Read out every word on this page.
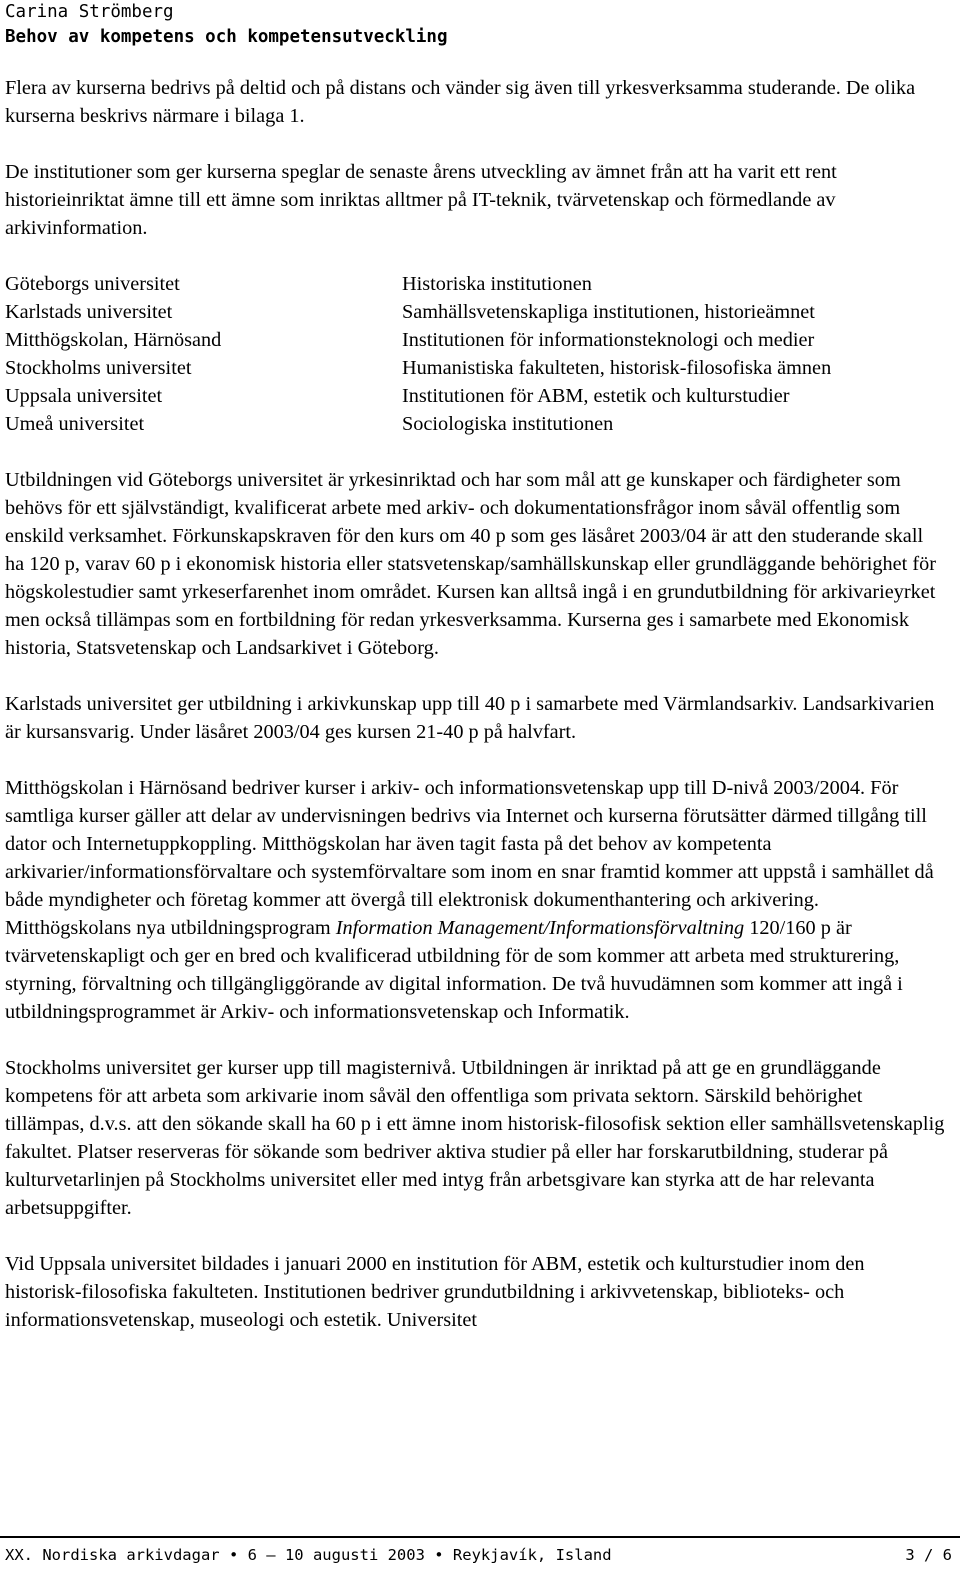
Carina Strömberg
Behov av kompetens och kompetensutveckling

Flera av kurserna bedrivs på deltid och på distans och vänder sig även till yrkesverksamma studerande. De olika kurserna beskrivs närmare i bilaga 1.

De institutioner som ger kurserna speglar de senaste årens utveckling av ämnet från att ha varit ett rent historieinriktat ämne till ett ämne som inriktas alltmer på IT-teknik, tvärvetenskap och förmedlande av arkivinformation.

Göteborgs universitet
Karlstads universitet
Mitthögskolan, Härnösand
Stockholms universitet
Uppsala universitet
Umeå universitet
Historiska institutionen
Samhällsvetenskapliga institutionen, historieämnet
Institutionen för informationsteknologi och medier
Humanistiska fakulteten, historisk-filosofiska ämnen
Institutionen för ABM, estetik och kulturstudier
Sociologiska institutionen

Utbildningen vid Göteborgs universitet är yrkesinriktad och har som mål att ge kunskaper och färdigheter som behövs för ett självständigt, kvalificerat arbete med arkiv- och dokumentationsfrågor inom såväl offentlig som enskild verksamhet. Förkunskapskraven för den kurs om 40 p som ges läsåret 2003/04 är att den studerande skall ha 120 p, varav 60 p i ekonomisk historia eller statsvetenskap/samhällskunskap eller grundläggande behörighet för högskolestudier samt yrkeserfarenhet inom området. Kursen kan alltså ingå i en grundutbildning för arkivarieyrket men också tillämpas som en fortbildning för redan yrkesverksamma. Kurserna ges i samarbete med Ekonomisk historia, Statsvetenskap och Landsarkivet i Göteborg.

Karlstads universitet ger utbildning i arkivkunskap upp till 40 p i samarbete med Värmlandsarkiv. Landsarkivarien är kursansvarig. Under läsåret 2003/04 ges kursen 21-40 p på halvfart.

Mitthögskolan i Härnösand bedriver kurser i arkiv- och informationsvetenskap upp till D-nivå 2003/2004. För samtliga kurser gäller att delar av undervisningen bedrivs via Internet och kurserna förutsätter därmed tillgång till dator och Internetuppkoppling. Mitthögskolan har även tagit fasta på det behov av kompetenta arkivarier/informationsförvaltare och systemförvaltare som inom en snar framtid kommer att uppstå i samhället då både myndigheter och företag kommer att övergå till elektronisk dokumenthantering och arkivering. Mitthögskolans nya utbildningsprogram Information Management/Informationsförvaltning 120/160 p är tvärvetenskapligt och ger en bred och kvalificerad utbildning för de som kommer att arbeta med strukturering, styrning, förvaltning och tillgängliggörande av digital information. De två huvudämnen som kommer att ingå i utbildningsprogrammet är Arkiv- och informationsvetenskap och Informatik.

Stockholms universitet ger kurser upp till magisternivå. Utbildningen är inriktad på att ge en grundläggande kompetens för att arbeta som arkivarie inom såväl den offentliga som privata sektorn. Särskild behörighet tillämpas, d.v.s. att den sökande skall ha 60 p i ett ämne inom historisk-filosofisk sektion eller samhällsvetenskaplig fakultet. Platser reserveras för sökande som bedriver aktiva studier på eller har forskarutbildning, studerar på kulturvetarlinjen på Stockholms universitet eller med intyg från arbetsgivare kan styrka att de har relevanta arbetsuppgifter.

Vid Uppsala universitet bildades i januari 2000 en institution för ABM, estetik och kulturstudier inom den historisk-filosofiska fakulteten. Institutionen bedriver grundutbildning i arkivvetenskap, biblioteks- och informationsvetenskap, museologi och estetik. Universitet

XX. Nordiska arkivdagar • 6 – 10 augusti 2003 • Reykjavík, Island	3 / 6
